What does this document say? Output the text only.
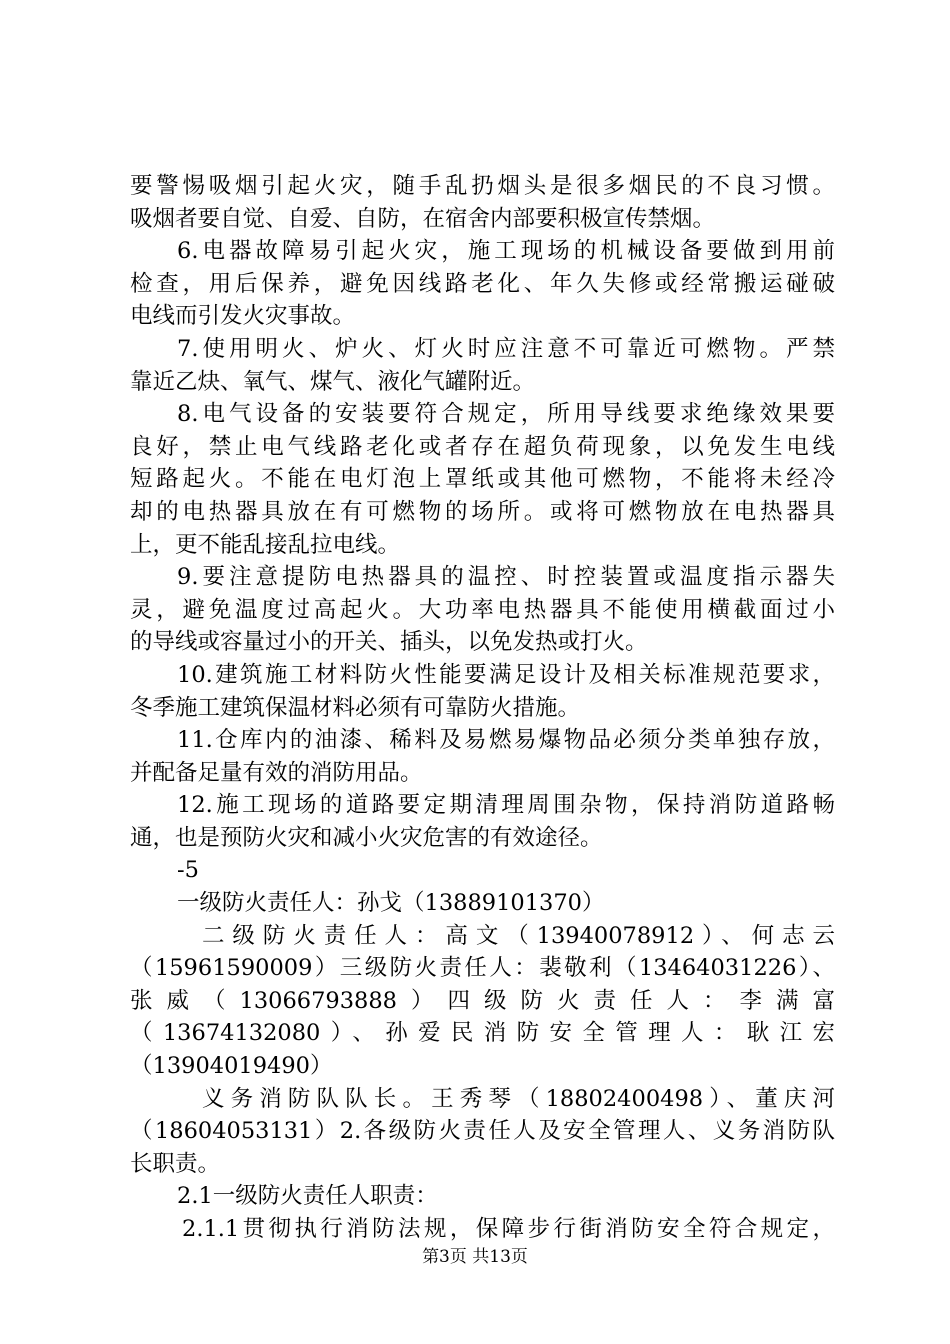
要警惕吸烟引起火灾，随手乱扔烟头是很多烟民的不良习惯。
吸烟者要自觉、自爱、自防，在宿舍内部要积极宣传禁烟。
6.电器故障易引起火灾，施工现场的机械设备要做到用前
检查，用后保养，避免因线路老化、年久失修或经常搬运碰破
电线而引发火灾事故。
7.使用明火、炉火、灯火时应注意不可靠近可燃物。严禁
靠近乙炔、氧气、煤气、液化气罐附近。
8.电气设备的安装要符合规定，所用导线要求绝缘效果要
良好，禁止电气线路老化或者存在超负荷现象，以免发生电线
短路起火。不能在电灯泡上罩纸或其他可燃物，不能将未经冷
却的电热器具放在有可燃物的场所。或将可燃物放在电热器具
上，更不能乱接乱拉电线。
9.要注意提防电热器具的温控、时控装置或温度指示器失
灵，避免温度过高起火。大功率电热器具不能使用横截面过小
的导线或容量过小的开关、插头，以免发热或打火。
10.建筑施工材料防火性能要满足设计及相关标准规范要求，
冬季施工建筑保温材料必须有可靠防火措施。
11.仓库内的油漆、稀料及易燃易爆物品必须分类单独存放，
并配备足量有效的消防用品。
12.施工现场的道路要定期清理周围杂物，保持消防道路畅
通，也是预防火灾和减小火灾危害的有效途径。
-5
一级防火责任人：孙戈（13889101370）
二级防火责任人：高文（13940078912）、何志云
（15961590009）三级防火责任人：裴敬利（13464031226）、
张威（13066793888）四级防火责任人：李满富
（13674132080）、孙爱民消防安全管理人：耿江宏
（13904019490）
义务消防队队长。王秀琴（18802400498）、董庆河
（18604053131）2.各级防火责任人及安全管理人、义务消防队
长职责。
2.1一级防火责任人职责：
2.1.1贯彻执行消防法规，保障步行街消防安全符合规定，
第3页 共13页
